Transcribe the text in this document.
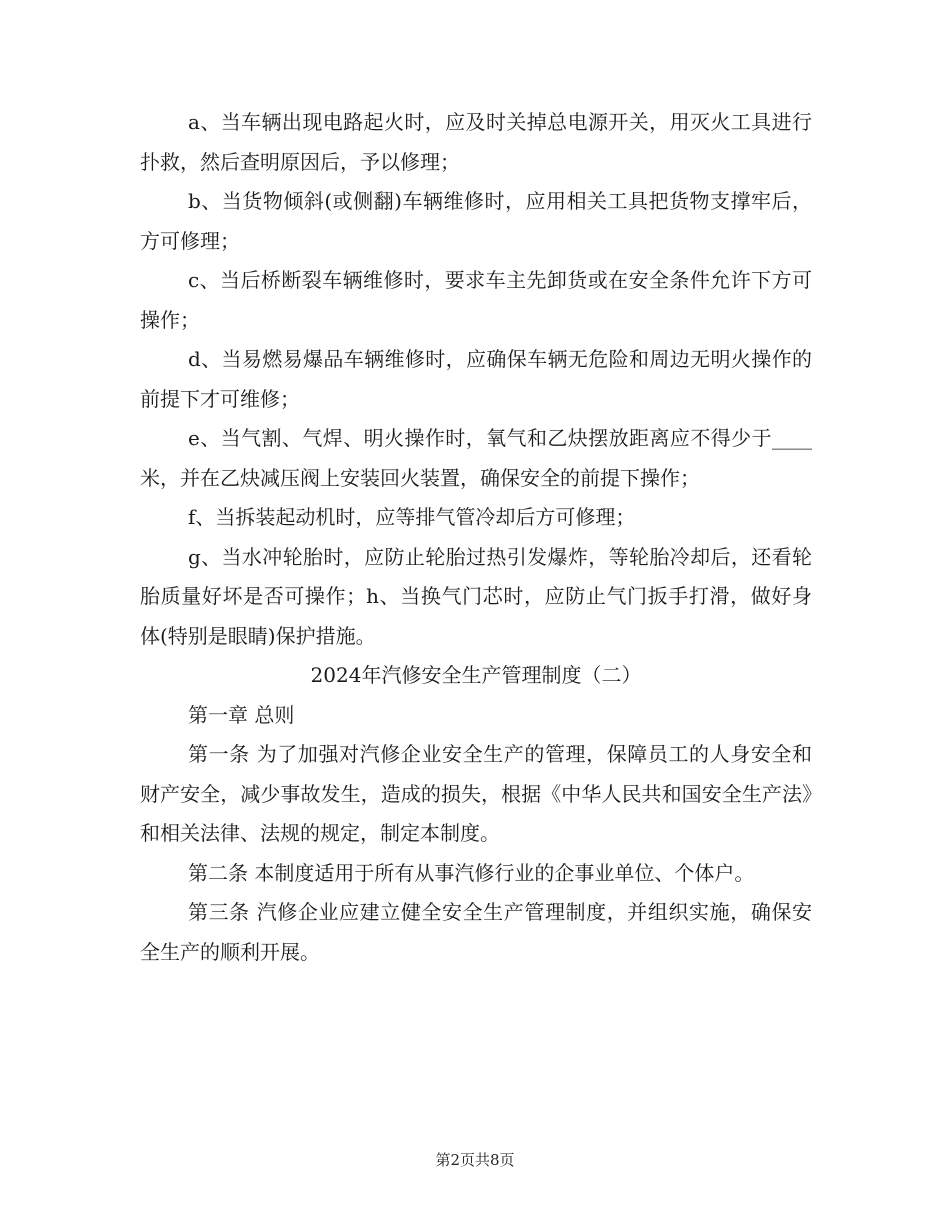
a、当车辆出现电路起火时，应及时关掉总电源开关，用灭火工具进行扑救，然后查明原因后，予以修理；

b、当货物倾斜(或侧翻)车辆维修时，应用相关工具把货物支撑牢后，方可修理；

c、当后桥断裂车辆维修时，要求车主先卸货或在安全条件允许下方可操作；

d、当易燃易爆品车辆维修时，应确保车辆无危险和周边无明火操作的前提下才可维修；

e、当气割、气焊、明火操作时，氧气和乙炔摆放距离应不得少于____米，并在乙炔减压阀上安装回火装置，确保安全的前提下操作；

f、当拆装起动机时，应等排气管冷却后方可修理；

g、当水冲轮胎时，应防止轮胎过热引发爆炸，等轮胎冷却后，还看轮胎质量好坏是否可操作；h、当换气门芯时，应防止气门扳手打滑，做好身体(特别是眼睛)保护措施。

2024年汽修安全生产管理制度（二）

第一章 总则

第一条 为了加强对汽修企业安全生产的管理，保障员工的人身安全和财产安全，减少事故发生，造成的损失，根据《中华人民共和国安全生产法》和相关法律、法规的规定，制定本制度。

第二条 本制度适用于所有从事汽修行业的企事业单位、个体户。

第三条 汽修企业应建立健全安全生产管理制度，并组织实施，确保安全生产的顺利开展。

第2页共8页
